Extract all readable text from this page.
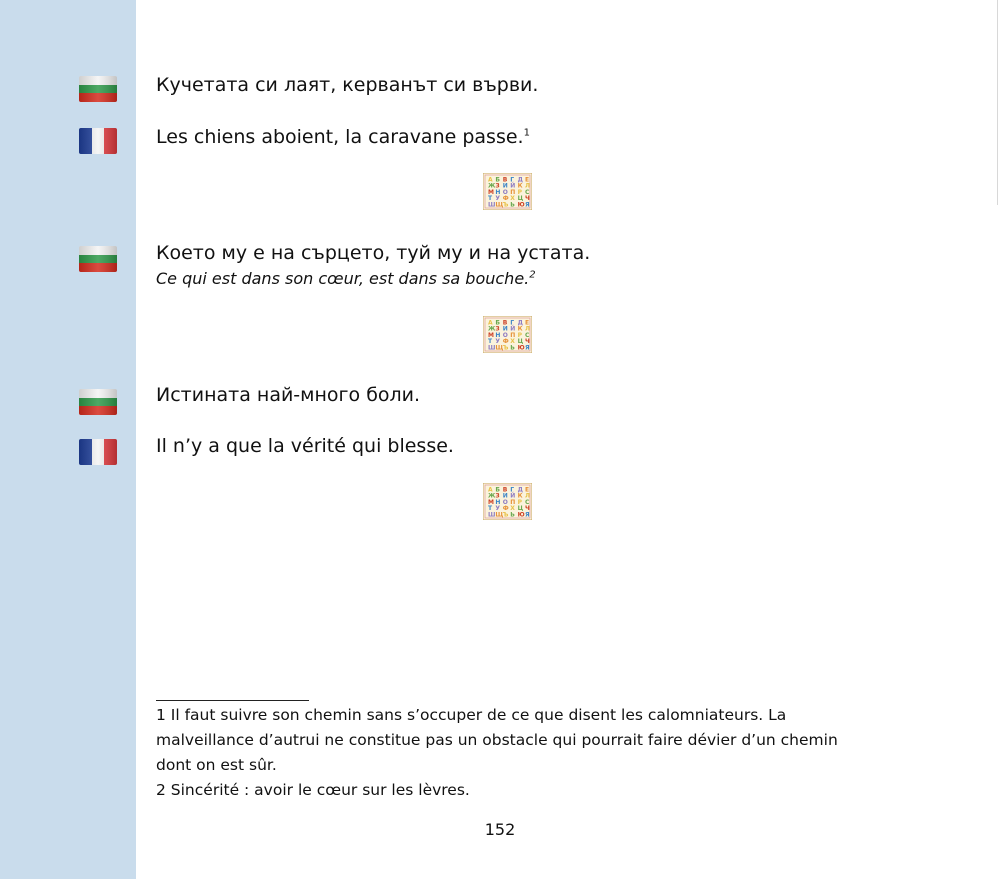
Кучетата си лаят, керванът си върви.
Les chiens aboient, la caravane passe.$^1$
А Б В Г Д Е
Ж З И Й К Л
М Н О П Р С
Т У Ф Х Ц Ч
Ш Щ Ъ Ь Ю Я
Което му е на сърцето, туй му и на устата.
Ce qui est dans son cœur, est dans sa bouche.$^2$
А Б В Г Д Е
Ж З И Й К Л
М Н О П Р С
Т У Ф Х Ц Ч
Ш Щ Ъ Ь Ю Я
Истината най-много боли.
Il n’y a que la vérité qui blesse.
А Б В Г Д Е
Ж З И Й К Л
М Н О П Р С
Т У Ф Х Ц Ч
Ш Щ Ъ Ь Ю Я
1 Il faut suivre son chemin sans s’occuper de ce que disent les calomniateurs. La malveillance d’autrui ne constitue pas un obstacle qui pourrait faire dévier d’un chemin dont on est sûr.
2 Sincérité : avoir le cœur sur les lèvres.
152
